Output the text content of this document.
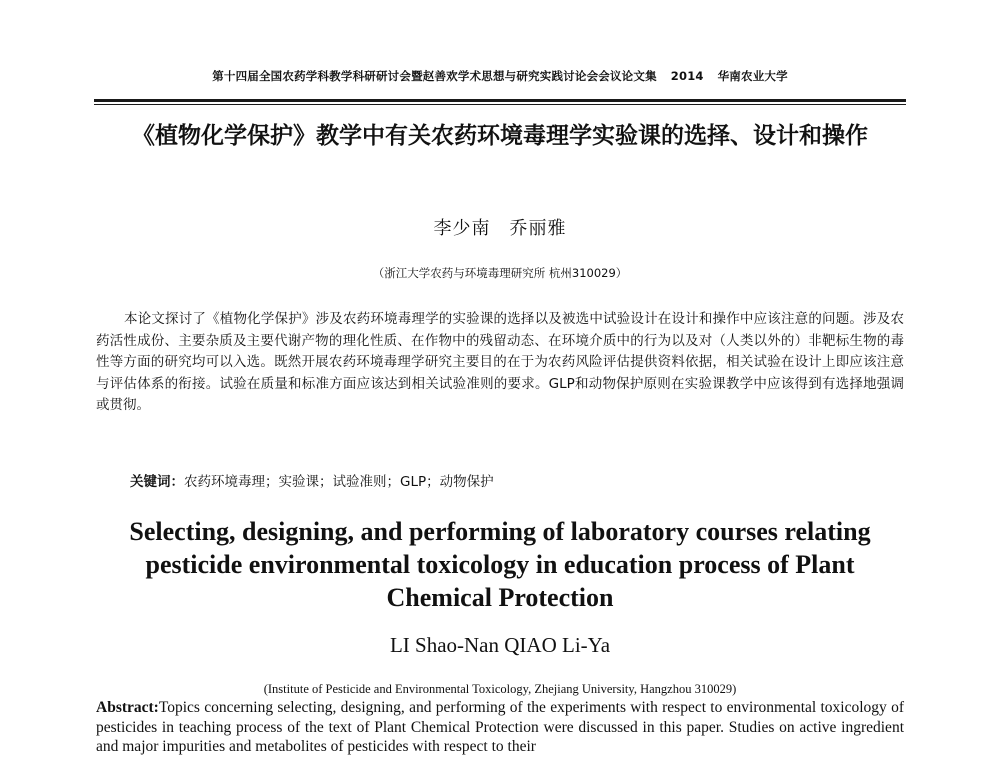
第十四届全国农药学科教学科研研讨会暨赵善欢学术思想与研究实践讨论会会议论文集 2014 华南农业大学
《植物化学保护》教学中有关农药环境毒理学实验课的选择、设计和操作
李少南　乔丽雅
（浙江大学农药与环境毒理研究所 杭州310029）

本论文探讨了《植物化学保护》涉及农药环境毒理学的实验课的选择以及被选中试验设计在设计和操作中应该注意的问题。涉及农药活性成份、主要杂质及主要代谢产物的理化性质、在作物中的残留动态、在环境介质中的行为以及对（人类以外的）非靶标生物的毒性等方面的研究均可以入选。既然开展农药环境毒理学研究主要目的在于为农药风险评估提供资料依据，相关试验在设计上即应该注意与评估体系的衔接。试验在质量和标准方面应该达到相关试验准则的要求。GLP和动物保护原则在实验课教学中应该得到有选择地强调或贯彻。

关键词：农药环境毒理；实验课；试验准则；GLP；动物保护
Selecting, designing, and performing of laboratory courses relating pesticide environmental toxicology in education process of Plant Chemical Protection
LI Shao-Nan QIAO Li-Ya
(Institute of Pesticide and Environmental Toxicology, Zhejiang University, Hangzhou 310029)

Abstract:Topics concerning selecting, designing, and performing of the experiments with respect to environmental toxicology of pesticides in teaching process of the text of Plant Chemical Protection were discussed in this paper. Studies on active ingredient and major impurities and metabolites of pesticides with respect to their
